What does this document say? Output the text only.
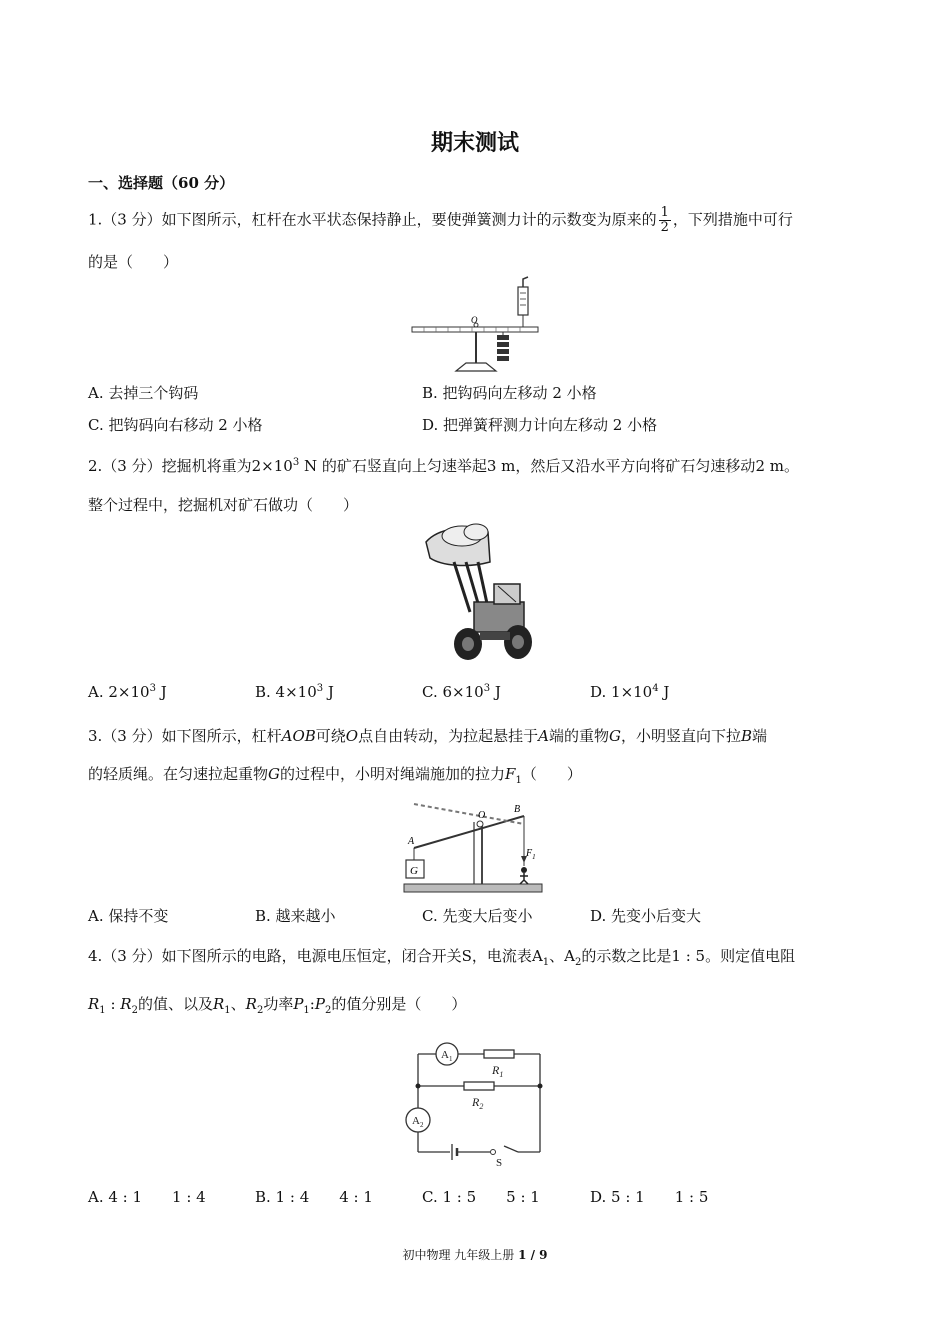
期末测试
一、选择题（60 分）
1.（3 分）如下图所示，杠杆在水平状态保持静止，要使弹簧测力计的示数变为原来的 $\frac{1}{2}$ ，下列措施中可行
的是（　　）
O
A. 去掉三个钩码	B. 把钩码向左移动 2 小格
C. 把钩码向右移动 2 小格	D. 把弹簧秤测力计向左移动 2 小格
2.（3 分）挖掘机将重为$2\times 10^3$ N 的矿石竖直向上匀速举起3 m，然后又沿水平方向将矿石匀速移动2 m。
整个过程中，挖掘机对矿石做功（　　）
A. $2\times 10^3$ J	B. $4\times 10^3$ J	C. $6\times 10^3$ J	D. $1\times 10^4$ J
3.（3 分）如下图所示，杠杆AOB可绕O点自由转动，为拉起悬挂于A端的重物G，小明竖直向下拉B端
的轻质绳。在匀速拉起重物G的过程中，小明对绳端施加的拉力$F_1$（　　）
O
A
B
G
$F_1$
A. 保持不变	B. 越来越小	C. 先变大后变小	D. 先变小后变大
4.（3 分）如下图所示的电路，电源电压恒定，闭合开关S，电流表$A_1$、$A_2$的示数之比是1 : 5。则定值电阻
$R_1$ : $R_2$的值、以及$R_1$、$R_2$功率$P_1:P_2$的值分别是（　　）
$A_1$
$A_2$
$R_1$
$R_2$
S
A. 4 : 1　　1 : 4	B. 1 : 4　　4 : 1	C. 1 : 5　　5 : 1	D. 5 : 1　　1 : 5
初中物理 九年级上册 1 / 9
